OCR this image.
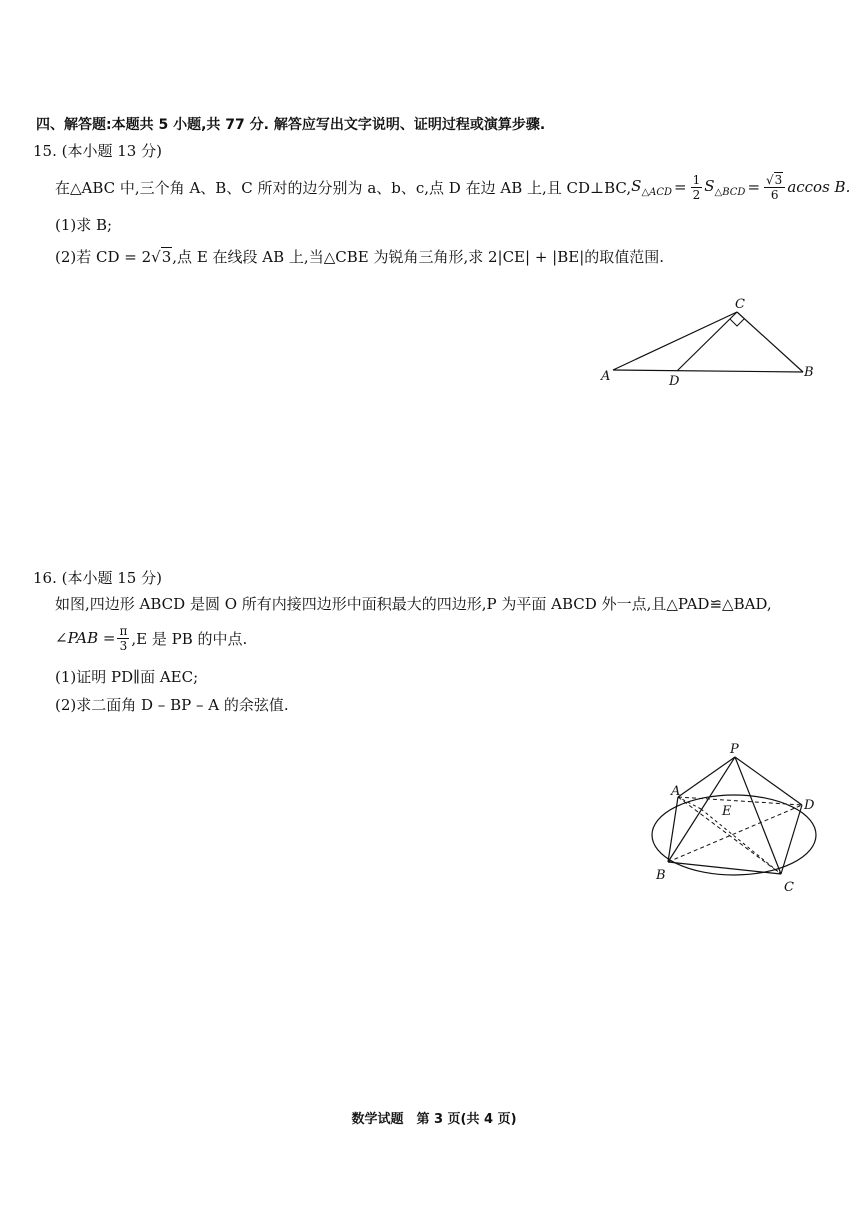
四、解答题:本题共 5 小题,共 77 分. 解答应写出文字说明、证明过程或演算步骤.
15. (本小题 13 分)
在△ABC 中,三个角 A、B、C 所对的边分别为 a、b、c,点 D 在边 AB 上,且 CD⊥BC, $S_{\triangle ACD} = \frac{1}{2} S_{\triangle BCD} = \frac{√3}{6}$ accos B.
(1)求 B;
(2)若 CD = 2√3,点 E 在线段 AB 上,当△CBE 为锐角三角形,求 2|CE| + |BE|的取值范围.
A	B
C
D
16. (本小题 15 分)
如图,四边形 ABCD 是圆 O 所有内接四边形中面积最大的四边形,P 为平面 ABCD 外一点,且△PAD≌△BAD,
∠PAB = $\frac{\pi}{3} ,E$ 是 PB 的中点.
(1)证明 PD∥面 AEC;
(2)求二面角 D – BP – A 的余弦值.
P
A
D
E
B
C
数学试题　第 3 页(共 4 页)
